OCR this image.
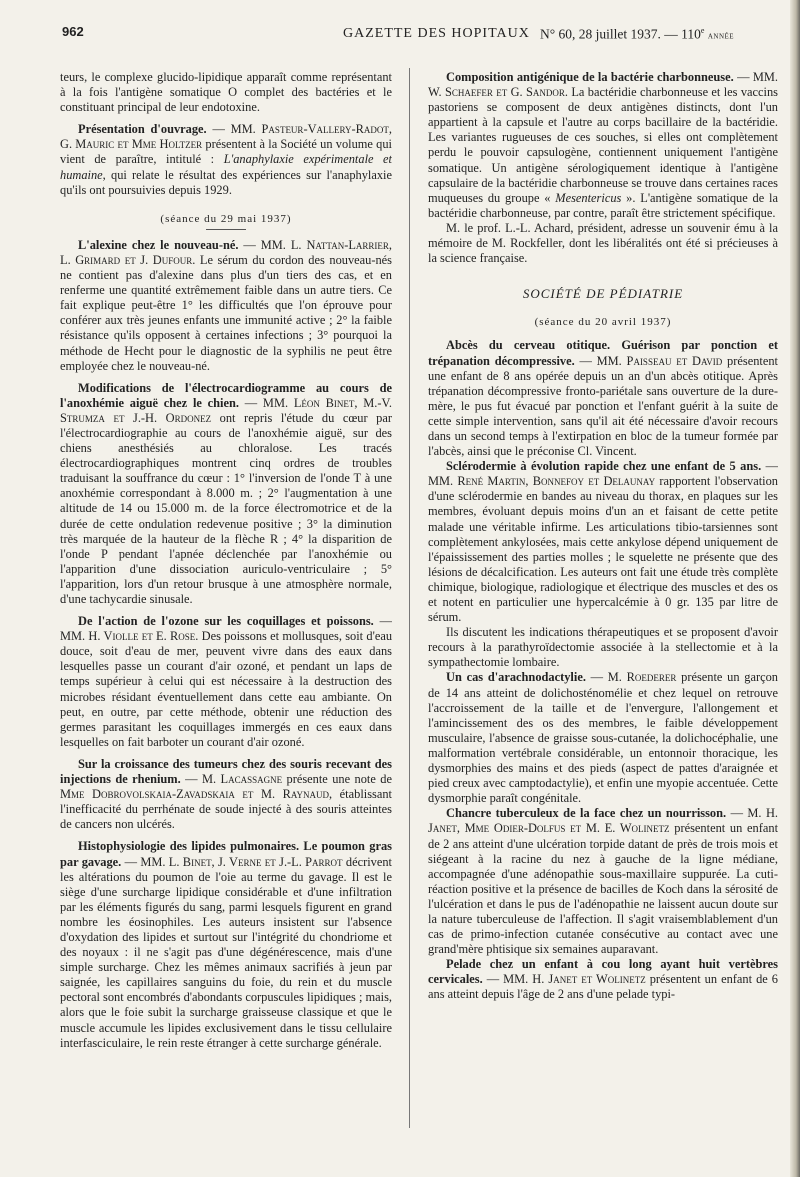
962	GAZETTE DES HOPITAUX N° 60, 28 juillet 1937. — 110e année

teurs, le complexe glucido-lipidique apparaît comme représentant à la fois l'antigène somatique O complet des bactéries et le constituant principal de leur endotoxine.

Présentation d'ouvrage. — MM. Pasteur-Vallery-Radot, G. Mauric et Mme Holtzer présentent à la Société un volume qui vient de paraître, intitulé : L'anaphylaxie expérimentale et humaine, qui relate le résultat des expériences sur l'anaphylaxie qu'ils ont poursuivies depuis 1929.

(séance du 29 mai 1937)

L'alexine chez le nouveau-né. — MM. L. Nattan-Larrier, L. Grimard et J. Dufour. Le sérum du cordon des nouveau-nés ne contient pas d'alexine dans plus d'un tiers des cas, et en renferme une quantité extrêmement faible dans un autre tiers. Ce fait explique peut-être 1° les difficultés que l'on éprouve pour conférer aux très jeunes enfants une immunité active ; 2° la faible résistance qu'ils opposent à certaines infections ; 3° pourquoi la méthode de Hecht pour le diagnostic de la syphilis ne peut être employée chez le nouveau-né.

Modifications de l'électrocardiogramme au cours de l'anoxhémie aiguë chez le chien. — MM. Léon Binet, M.-V. Strumza et J.-H. Ordonez ont repris l'étude du cœur par l'électrocardiographie au cours de l'anoxhémie aiguë, sur des chiens anesthésiés au chloralose. Les tracés électrocardiographiques montrent cinq ordres de troubles traduisant la souffrance du cœur : 1° l'inversion de l'onde T à une anoxhémie correspondant à 8.000 m. ; 2° l'augmentation à une altitude de 14 ou 15.000 m. de la force électromotrice et de la durée de cette ondulation redevenue positive ; 3° la diminution très marquée de la hauteur de la flèche R ; 4° la disparition de l'onde P pendant l'apnée déclenchée par l'anoxhémie ou l'apparition d'une dissociation auriculo-ventriculaire ; 5° l'apparition, lors d'un retour brusque à une atmosphère normale, d'une tachycardie sinusale.

De l'action de l'ozone sur les coquillages et poissons. — MM. H. Violle et E. Rose. Des poissons et mollusques, soit d'eau douce, soit d'eau de mer, peuvent vivre dans des eaux dans lesquelles passe un courant d'air ozoné, et pendant un laps de temps supérieur à celui qui est nécessaire à la destruction des microbes résidant éventuellement dans cette eau ambiante. On peut, en outre, par cette méthode, obtenir une réduction des germes parasitant les coquillages immergés en ces eaux dans lesquelles on fait barboter un courant d'air ozoné.

Sur la croissance des tumeurs chez des souris recevant des injections de rhenium. — M. Lacassagne présente une note de Mme Dobrovolskaia-Zavadskaia et M. Raynaud, établissant l'inefficacité du perrhénate de soude injecté à des souris atteintes de cancers non ulcérés.

Histophysiologie des lipides pulmonaires. Le poumon gras par gavage. — MM. L. Binet, J. Verne et J.-L. Parrot décrivent les altérations du poumon de l'oie au terme du gavage. Il est le siège d'une surcharge lipidique considérable et d'une infiltration par les éléments figurés du sang, parmi lesquels figurent en grand nombre les éosinophiles. Les auteurs insistent sur l'absence d'oxydation des lipides et surtout sur l'intégrité du chondriome et des noyaux : il ne s'agit pas d'une dégénérescence, mais d'une simple surcharge. Chez les mêmes animaux sacrifiés à jeun par saignée, les capillaires sanguins du foie, du rein et du muscle pectoral sont encombrés d'abondants corpuscules lipidiques ; mais, alors que le foie subit la surcharge graisseuse classique et que le muscle accumule les lipides exclusivement dans le tissu cellulaire interfasciculaire, le rein reste étranger à cette surcharge générale.

Composition antigénique de la bactérie charbonneuse. — MM. W. Schaefer et G. Sandor. La bactéridie charbonneuse et les vaccins pastoriens se composent de deux antigènes distincts, dont l'un appartient à la capsule et l'autre au corps bacillaire de la bactéridie. Les variantes rugueuses de ces souches, si elles ont complètement perdu le pouvoir capsulogène, contiennent uniquement l'antigène somatique. Un antigène sérologiquement identique à l'antigène capsulaire de la bactéridie charbonneuse se trouve dans certaines races muqueuses du groupe « Mesentericus ». L'antigène somatique de la bactéridie charbonneuse, par contre, paraît être strictement spécifique.

M. le prof. L.-L. Achard, président, adresse un souvenir ému à la mémoire de M. Rockfeller, dont les libéralités ont été si précieuses à la science française.

SOCIÉTÉ DE PÉDIATRIE
(séance du 20 avril 1937)

Abcès du cerveau otitique. Guérison par ponction et trépanation décompressive. — MM. Paisseau et David présentent une enfant de 8 ans opérée depuis un an d'un abcès otitique. Après trépanation décompressive fronto-pariétale sans ouverture de la dure-mère, le pus fut évacué par ponction et l'enfant guérit à la suite de cette simple intervention, sans qu'il ait été nécessaire d'avoir recours dans un second temps à l'extirpation en bloc de la tumeur formée par l'abcès, ainsi que le préconise Cl. Vincent.

Sclérodermie à évolution rapide chez une enfant de 5 ans. — MM. René Martin, Bonnefoy et Delaunay rapportent l'observation d'une sclérodermie en bandes au niveau du thorax, en plaques sur les membres, évoluant depuis moins d'un an et faisant de cette petite malade une véritable infirme. Les articulations tibio-tarsiennes sont complètement ankylosées, mais cette ankylose dépend uniquement de l'épaississement des parties molles ; le squelette ne présente que des lésions de décalcification. Les auteurs ont fait une étude très complète chimique, biologique, radiologique et électrique des muscles et des os et notent en particulier une hypercalcémie à 0 gr. 135 par litre de sérum.

Ils discutent les indications thérapeutiques et se proposent d'avoir recours à la parathyroïdectomie associée à la stellectomie et à la sympathectomie lombaire.

Un cas d'arachnodactylie. — M. Roederer présente un garçon de 14 ans atteint de dolichosténomélie et chez lequel on retrouve l'accroissement de la taille et de l'envergure, l'allongement et l'amincissement des os des membres, le faible développement musculaire, l'absence de graisse sous-cutanée, la dolichocéphalie, une malformation vertébrale considérable, un entonnoir thoracique, les dysmorphies des mains et des pieds (aspect de pattes d'araignée et pied creux avec camptodactylie), et enfin une myopie accentuée. Cette dysmorphie paraît congénitale.

Chancre tuberculeux de la face chez un nourrisson. — M. H. Janet, Mme Odier-Dolfus et M. E. Wolinetz présentent un enfant de 2 ans atteint d'une ulcération torpide datant de près de trois mois et siégeant à la racine du nez à gauche de la ligne médiane, accompagnée d'une adénopathie sous-maxillaire suppurée. La cuti-réaction positive et la présence de bacilles de Koch dans la sérosité de l'ulcération et dans le pus de l'adénopathie ne laissent aucun doute sur la nature tuberculeuse de l'affection. Il s'agit vraisemblablement d'un cas de primo-infection cutanée consécutive au contact avec une grand'mère phtisique six semaines auparavant.

Pelade chez un enfant à cou long ayant huit vertèbres cervicales. — MM. H. Janet et Wolinetz présentent un enfant de 6 ans atteint depuis l'âge de 2 ans d'une pelade typi-
